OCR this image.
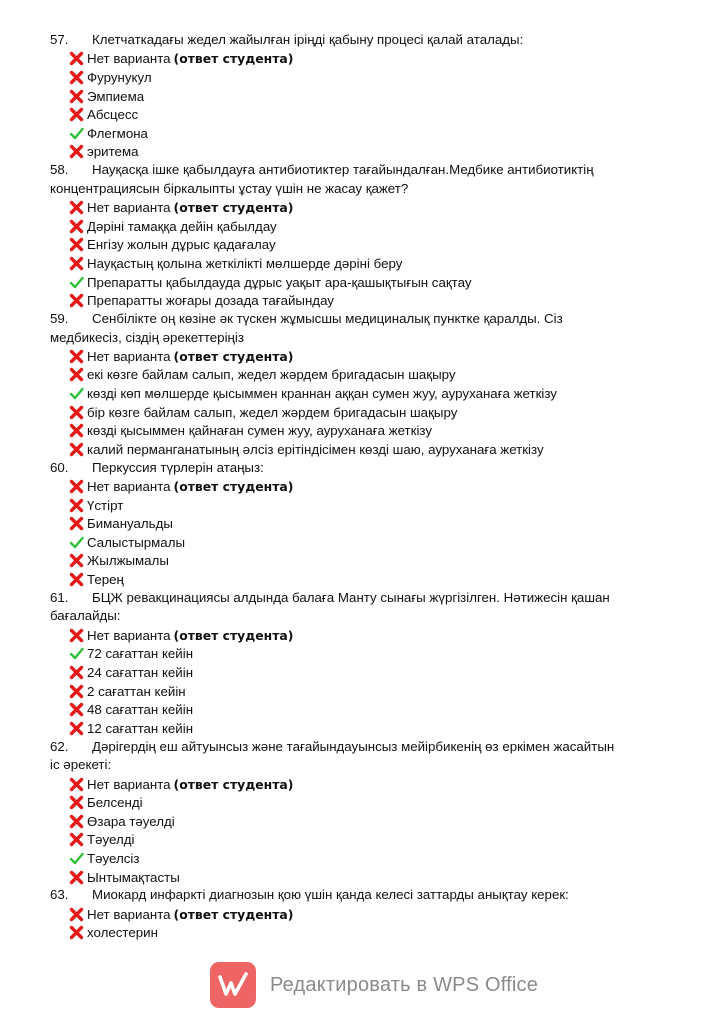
57. Клетчаткадағы жедел жайылған іріңді қабыну процесі қалай аталады:
Нет варианта (ответ студента)
Фурунукул
Эмпиема
Абсцесс
Флегмона
эритема
58. Науқасқа ішке қабылдауға антибиотиктер тағайындалған.Медбике антибиотиктің
концентрациясын біркалыпты ұстау үшін не жасау қажет?
Нет варианта (ответ студента)
Дәріні тамаққа дейін қабылдау
Енгізу жолын дұрыс қадағалау
Науқастың қолына жеткілікті мөлшерде дәріні беру
Препаратты қабылдауда дұрыс уақыт ара-қашықтығын сақтау
Препаратты жоғары дозада тағайындау
59. Сенбілікте оң көзіне әк түскен жұмысшы медициналық пунктке қаралды. Сіз
медбикесіз, сіздің әрекеттеріңіз
Нет варианта (ответ студента)
екі көзге байлам салып, жедел жәрдем бригадасын шақыру
көзді көп мөлшерде қысыммен краннан аққан сумен жуу, ауруханаға жеткізу
бір көзге байлам салып, жедел жәрдем бригадасын шақыру
көзді қысыммен қайнаған сумен жуу, ауруханаға жеткізу
калий перманганатының әлсіз ерітіндісімен көзді шаю, ауруханаға жеткізу
60. Перкуссия түрлерін атаңыз:
Нет варианта (ответ студента)
Үстірт
Бимануальды
Салыстырмалы
Жылжымалы
Терең
61. БЦЖ ревакцинациясы алдында балаға Манту сынағы жүргізілген. Нәтижесін қашан
бағалайды:
Нет варианта (ответ студента)
72 сағаттан кейін
24 сағаттан кейін
2 сағаттан кейін
48 сағаттан кейін
12 сағаттан кейін
62. Дәрігердің еш айтуынсыз және тағайындауынсыз мейірбикенің өз еркімен жасайтын
іс әрекеті:
Нет варианта (ответ студента)
Белсенді
Өзара тәуелді
Тәуелді
Тәуелсіз
Ынтымақтасты
63. Миокард инфаркті диагнозын қою үшін қанда келесі заттарды анықтау керек:
Нет варианта (ответ студента)
холестерин
Редактировать в WPS Office
